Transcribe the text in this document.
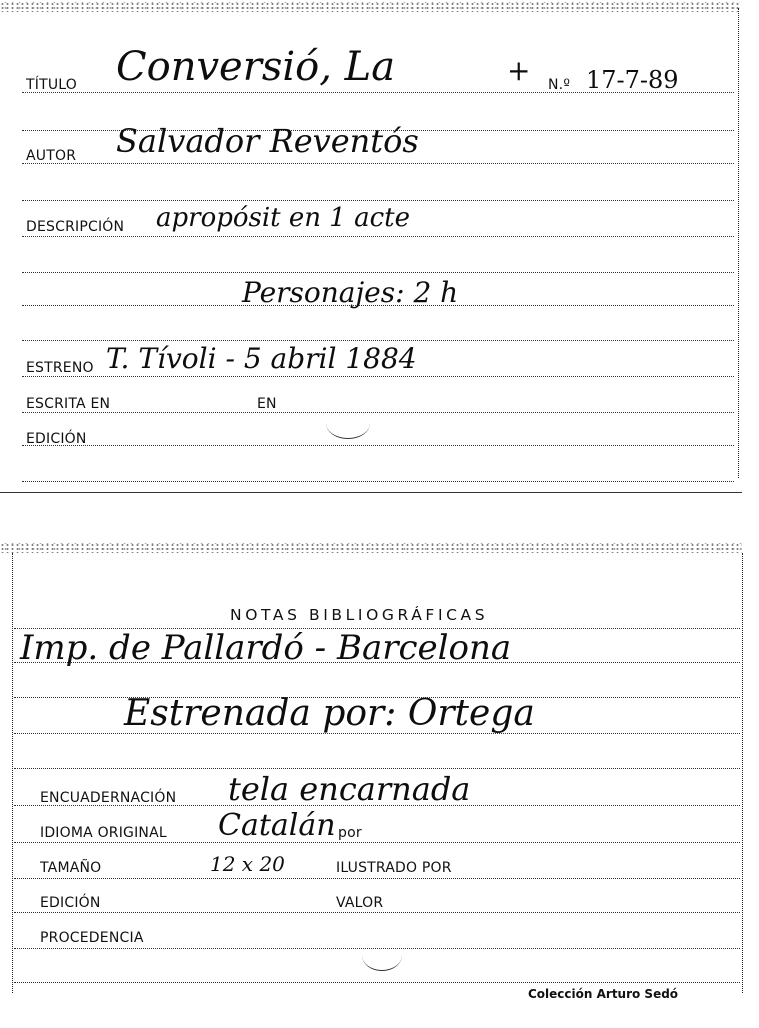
TÍTULO Conversió, La	+ N.º 17-7-89
AUTOR Salvador Reventós
DESCRIPCIÓN apropósit en 1 acte
Personajes: 2 h
ESTRENO T. Tívoli - 5 abril 1884
ESCRITA EN	EN
EDICIÓN
NOTAS BIBLIOGRÁFICAS
Imp. de Pallardó - Barcelona
Estrenada por: Ortega
ENCUADERNACIÓN tela encarnada
IDIOMA ORIGINAL Catalán por
TAMAÑO	12 x 20	ILUSTRADO POR
EDICIÓN	VALOR
PROCEDENCIA
Colección Arturo Sedó
